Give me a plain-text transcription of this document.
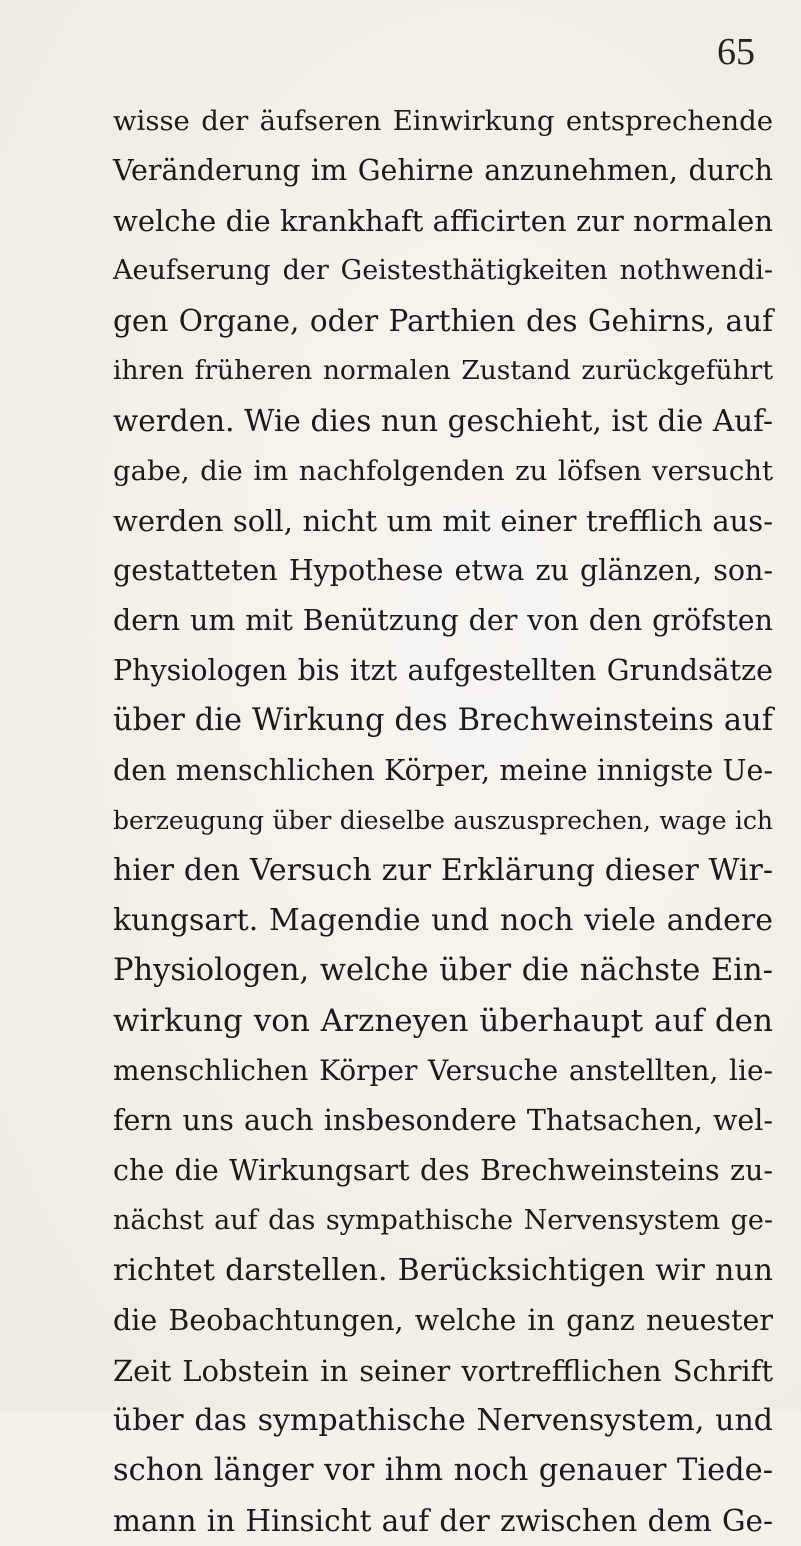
65
wisse der äufseren Einwirkung entsprechende
Veränderung im Gehirne anzunehmen, durch
welche die krankhaft afficirten zur normalen
Aeufserung der Geistesthätigkeiten nothwendi-
gen Organe, oder Parthien des Gehirns, auf
ihren früheren normalen Zustand zurückgeführt
werden. Wie dies nun geschieht, ist die Auf-
gabe, die im nachfolgenden zu löfsen versucht
werden soll, nicht um mit einer trefflich aus-
gestatteten Hypothese etwa zu glänzen, son-
dern um mit Benützung der von den gröfsten
Physiologen bis itzt aufgestellten Grundsätze
über die Wirkung des Brechweinsteins auf
den menschlichen Körper, meine innigste Ue-
berzeugung über dieselbe auszusprechen, wage ich
hier den Versuch zur Erklärung dieser Wir-
kungsart. Magendie und noch viele andere
Physiologen, welche über die nächste Ein-
wirkung von Arzneyen überhaupt auf den
menschlichen Körper Versuche anstellten, lie-
fern uns auch insbesondere Thatsachen, wel-
che die Wirkungsart des Brechweinsteins zu-
nächst auf das sympathische Nervensystem ge-
richtet darstellen. Berücksichtigen wir nun
die Beobachtungen, welche in ganz neuester
Zeit Lobstein in seiner vortrefflichen Schrift
über das sympathische Nervensystem, und
schon länger vor ihm noch genauer Tiede-
mann in Hinsicht auf der zwischen dem Ge-
